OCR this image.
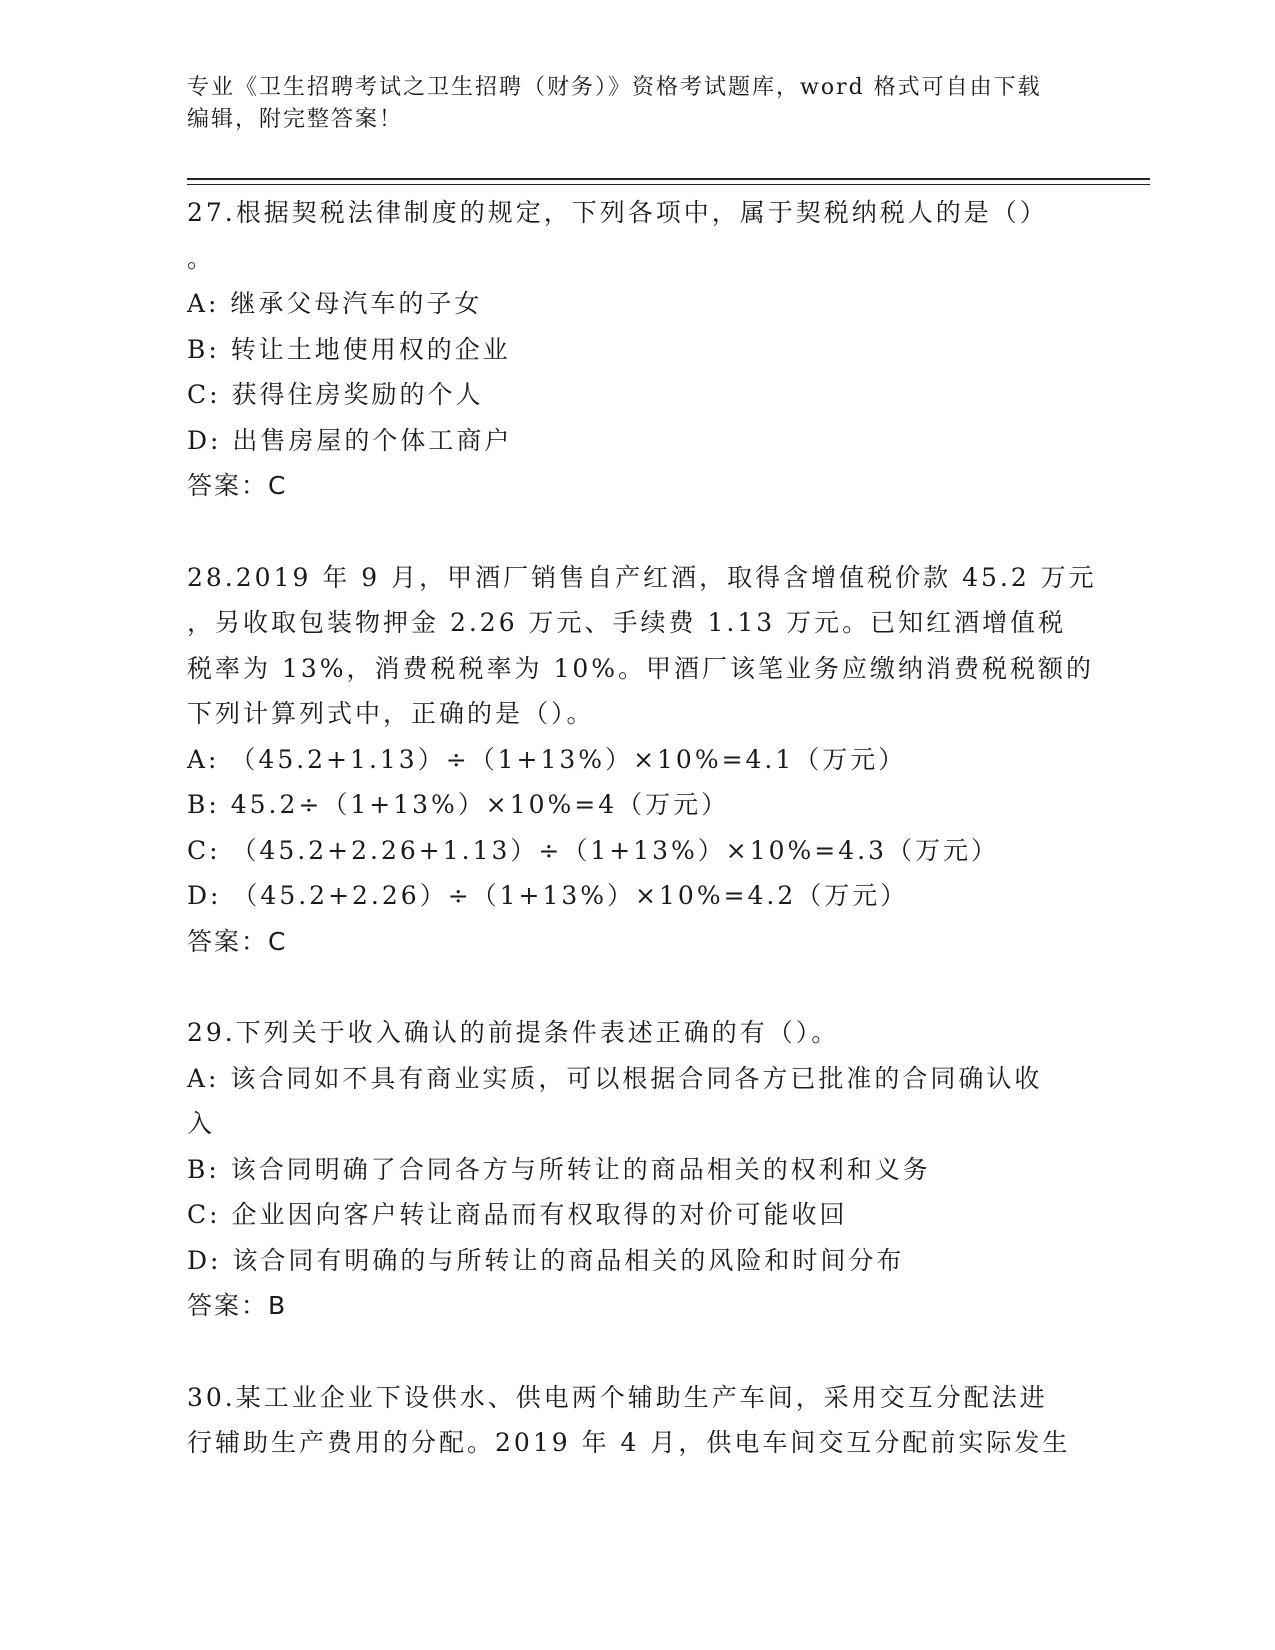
专业《卫生招聘考试之卫生招聘（财务）》资格考试题库，word 格式可自由下载
编辑，附完整答案！
27.根据契税法律制度的规定，下列各项中，属于契税纳税人的是（）
。
A: 继承父母汽车的子女
B: 转让土地使用权的企业
C: 获得住房奖励的个人
D: 出售房屋的个体工商户
答案：C
28.2019 年 9 月，甲酒厂销售自产红酒，取得含增值税价款 45.2 万元
，另收取包装物押金 2.26 万元、手续费 1.13 万元。已知红酒增值税
税率为 13%，消费税税率为 10%。甲酒厂该笔业务应缴纳消费税税额的
下列计算列式中，正确的是（）。
A: （45.2+1.13）÷（1+13%）×10%=4.1（万元）
B: 45.2÷（1+13%）×10%=4（万元）
C: （45.2+2.26+1.13）÷（1+13%）×10%=4.3（万元）
D: （45.2+2.26）÷（1+13%）×10%=4.2（万元）
答案：C
29.下列关于收入确认的前提条件表述正确的有（）。
A: 该合同如不具有商业实质，可以根据合同各方已批准的合同确认收
入
B: 该合同明确了合同各方与所转让的商品相关的权利和义务
C: 企业因向客户转让商品而有权取得的对价可能收回
D: 该合同有明确的与所转让的商品相关的风险和时间分布
答案：B
30.某工业企业下设供水、供电两个辅助生产车间，采用交互分配法进
行辅助生产费用的分配。2019 年 4 月，供电车间交互分配前实际发生
